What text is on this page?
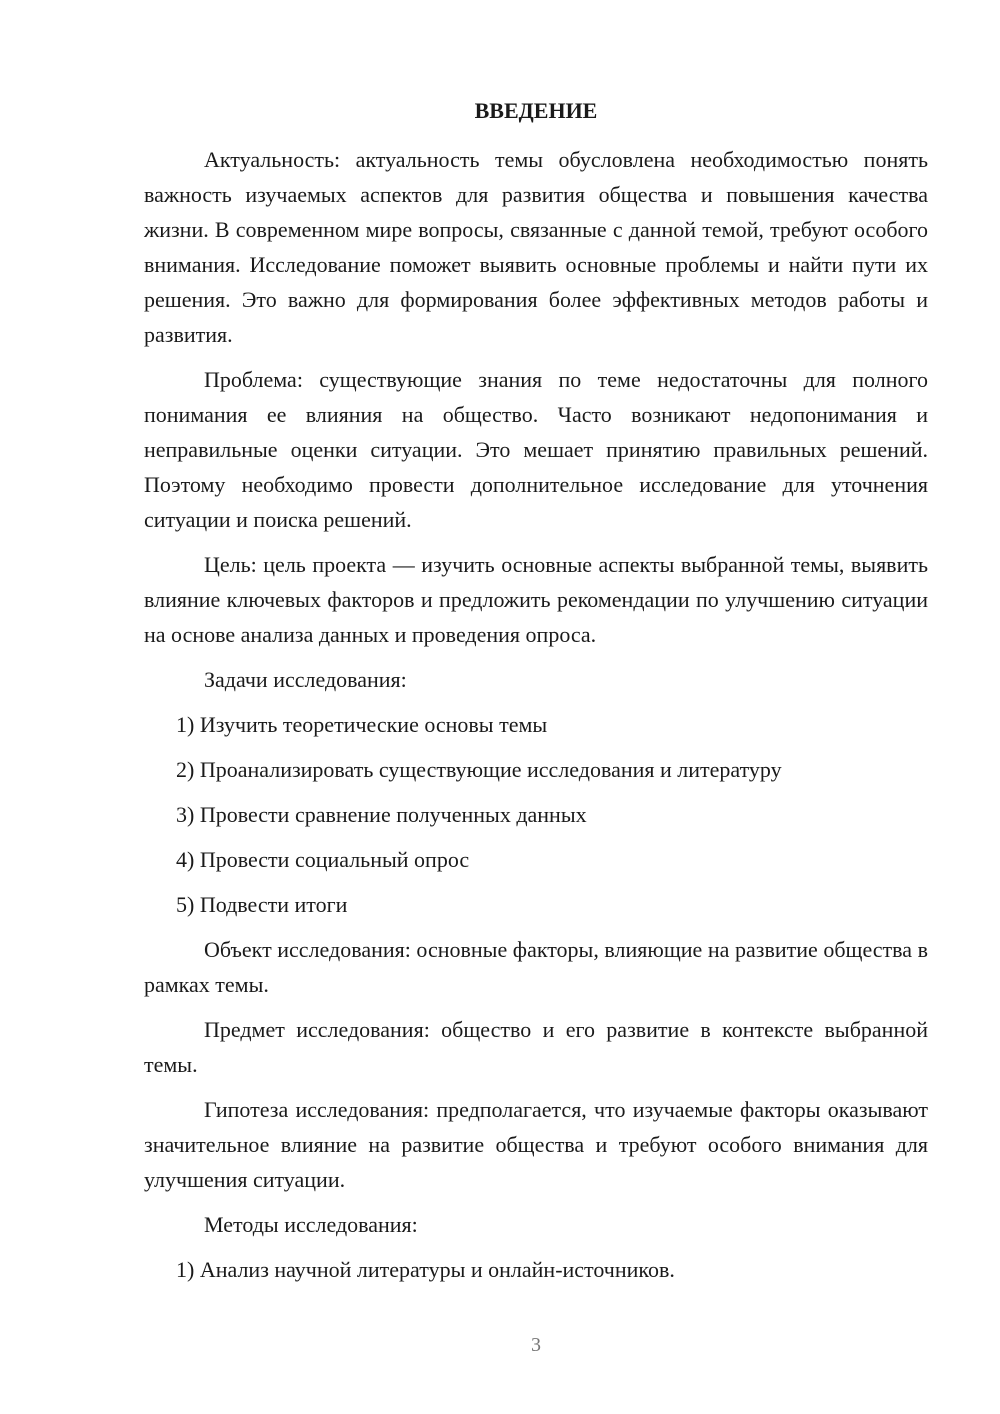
ВВЕДЕНИЕ

Актуальность: актуальность темы обусловлена необходимостью понять важность изучаемых аспектов для развития общества и повышения качества жизни. В современном мире вопросы, связанные с данной темой, требуют особого внимания. Исследование поможет выявить основные проблемы и найти пути их решения. Это важно для формирования более эффективных методов работы и развития.

Проблема: существующие знания по теме недостаточны для полного понимания ее влияния на общество. Часто возникают недопонимания и неправильные оценки ситуации. Это мешает принятию правильных решений. Поэтому необходимо провести дополнительное исследование для уточнения ситуации и поиска решений.

Цель: цель проекта — изучить основные аспекты выбранной темы, выявить влияние ключевых факторов и предложить рекомендации по улучшению ситуации на основе анализа данных и проведения опроса.

Задачи исследования:

1) Изучить теоретические основы темы
2) Проанализировать существующие исследования и литературу
3) Провести сравнение полученных данных
4) Провести социальный опрос
5) Подвести итоги

Объект исследования: основные факторы, влияющие на развитие общества в рамках темы.

Предмет исследования: общество и его развитие в контексте выбранной темы.

Гипотеза исследования: предполагается, что изучаемые факторы оказывают значительное влияние на развитие общества и требуют особого внимания для улучшения ситуации.

Методы исследования:

1) Анализ научной литературы и онлайн-источников.
3
